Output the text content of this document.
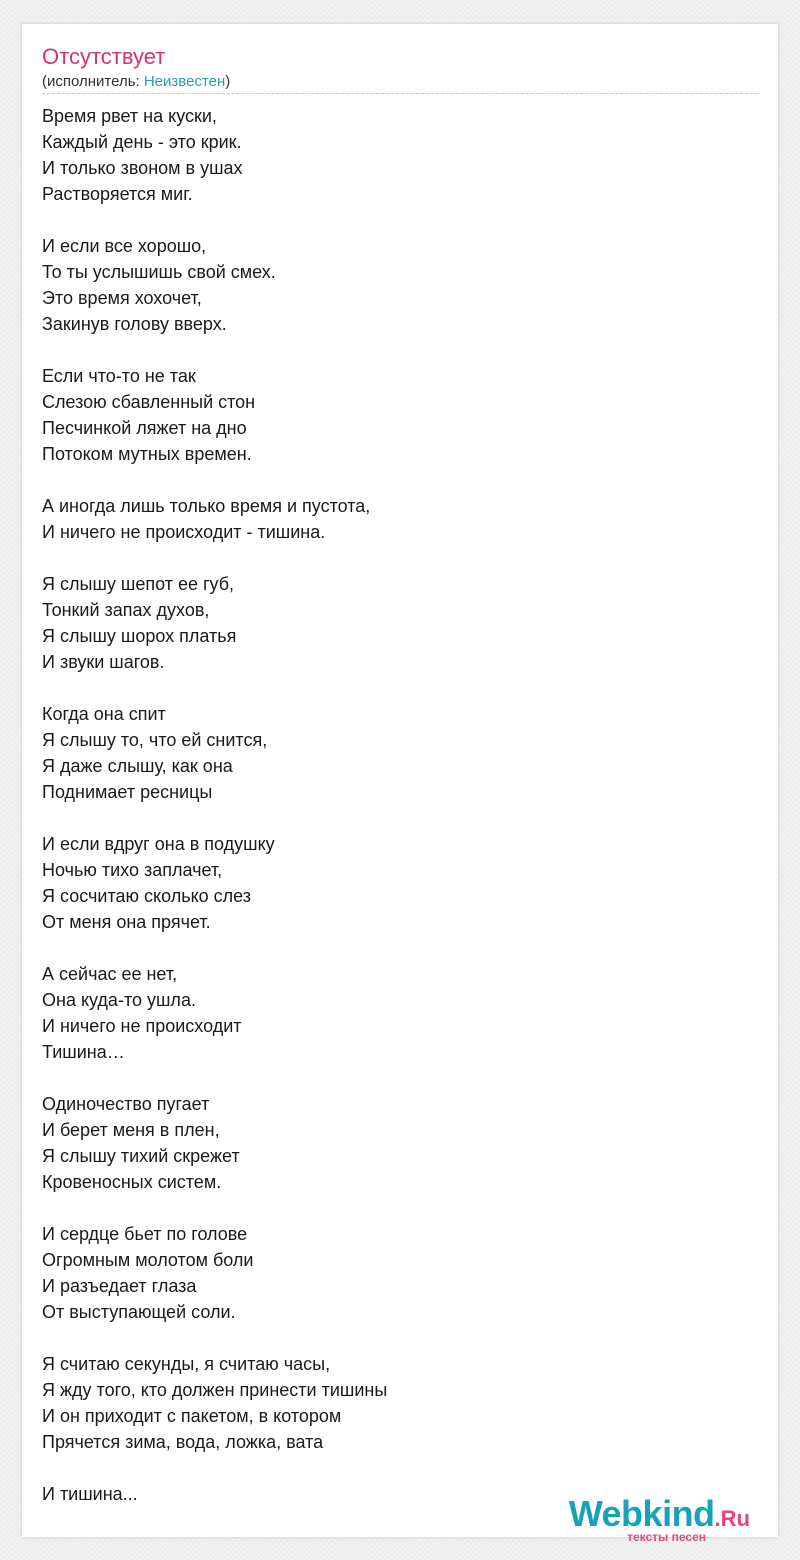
Отсутствует
(исполнитель: Неизвестен)
Время рвет на куски,
Каждый день - это крик.
И только звоном в ушах
Растворяется миг.
И если все хорошо,
То ты услышишь свой смех.
Это время хохочет,
Закинув голову вверх.
Если что-то не так
Слезою сбавленный стон
Песчинкой ляжет на дно
Потоком мутных времен.
А иногда лишь только время и пустота,
И ничего не происходит - тишина.
Я слышу шепот ее губ,
Тонкий запах духов,
Я слышу шорох платья
И звуки шагов.
Когда она спит
Я слышу то, что ей снится,
Я даже слышу, как она
Поднимает ресницы
И если вдруг она в подушку
Ночью тихо заплачет,
Я сосчитаю сколько слез
От меня она прячет.
А сейчас ее нет,
Она куда-то ушла.
И ничего не происходит
Тишина…
Одиночество пугает
И берет меня в плен,
Я слышу тихий скрежет
Кровеносных систем.
И сердце бьет по голове
Огромным молотом боли
И разъедает глаза
От выступающей соли.
Я считаю секунды, я считаю часы,
Я жду того, кто должен принести тишины
И он приходит с пакетом, в котором
Прячется зима, вода, ложка, вата
И тишина...	Webkind.Ru
тексты песен
